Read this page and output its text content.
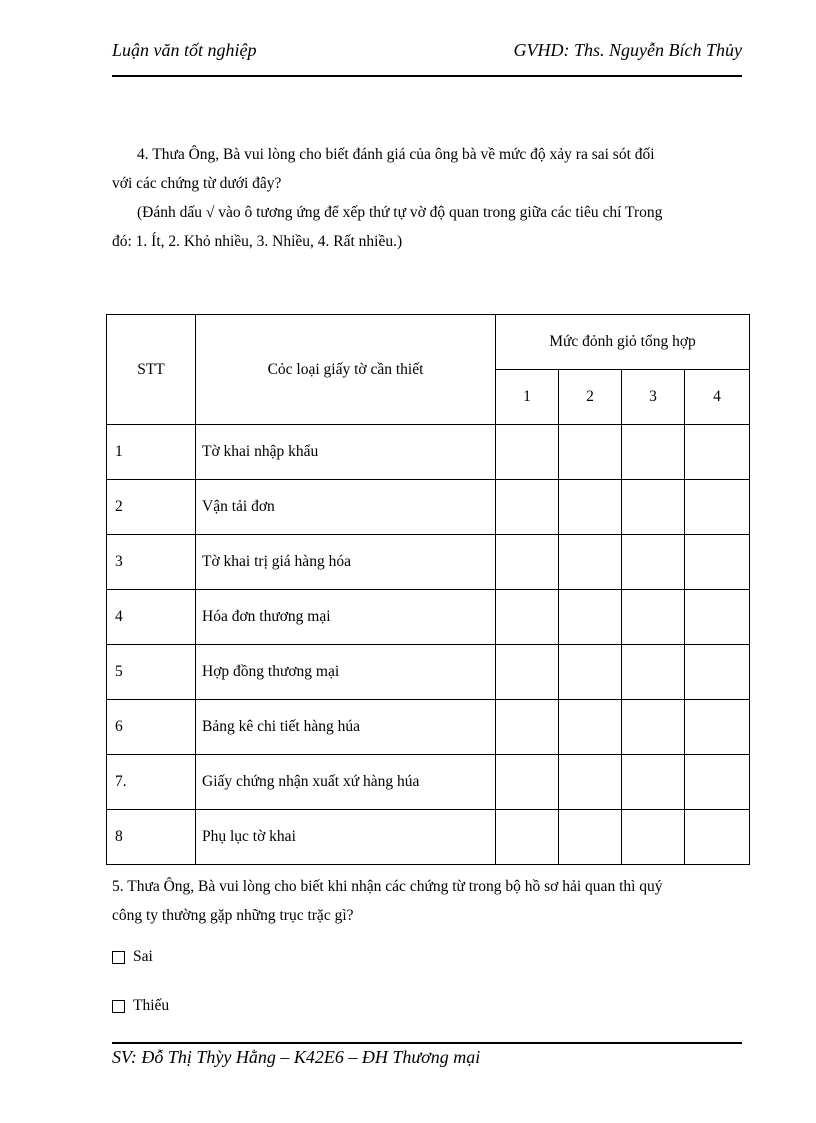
Luận văn tốt nghiệp	GVHD: Ths. Nguyễn Bích Thủy

4. Thưa Ông, Bà vui lòng cho biết đánh giá của ông bà về mức độ xảy ra sai sót đối

với các chứng từ dưới đây?

(Đánh dấu √ vào ô tương ứng để xếp thứ tự vờ độ quan trong giữa các tiêu chí Trong

đó: 1. Ít, 2. Khỏ nhiều, 3. Nhiều, 4. Rất nhiều.)

STT	Cỏc loại giấy tờ cần thiết	Mức đỏnh giỏ tổng hợp			
		1	2	3	4
1	Tờ khai nhập khẩu				
2	Vận tải đơn				
3	Tờ khai trị giá hàng hóa				
4	Hóa đơn thương mại				
5	Hợp đồng thương mại				
6	Bảng kê chi tiết hàng húa				
7.	Giấy chứng nhận xuất xứ hàng húa				
8	Phụ lục tờ khai				

5. Thưa Ông, Bà vui lòng cho biết khi nhận các chứng từ trong bộ hồ sơ hải quan thì quý

công ty thường gặp những trục trặc gì?

Sai
Thiếu
SV: Đỗ Thị Thỳy Hằng – K42E6 – ĐH Thương mại
